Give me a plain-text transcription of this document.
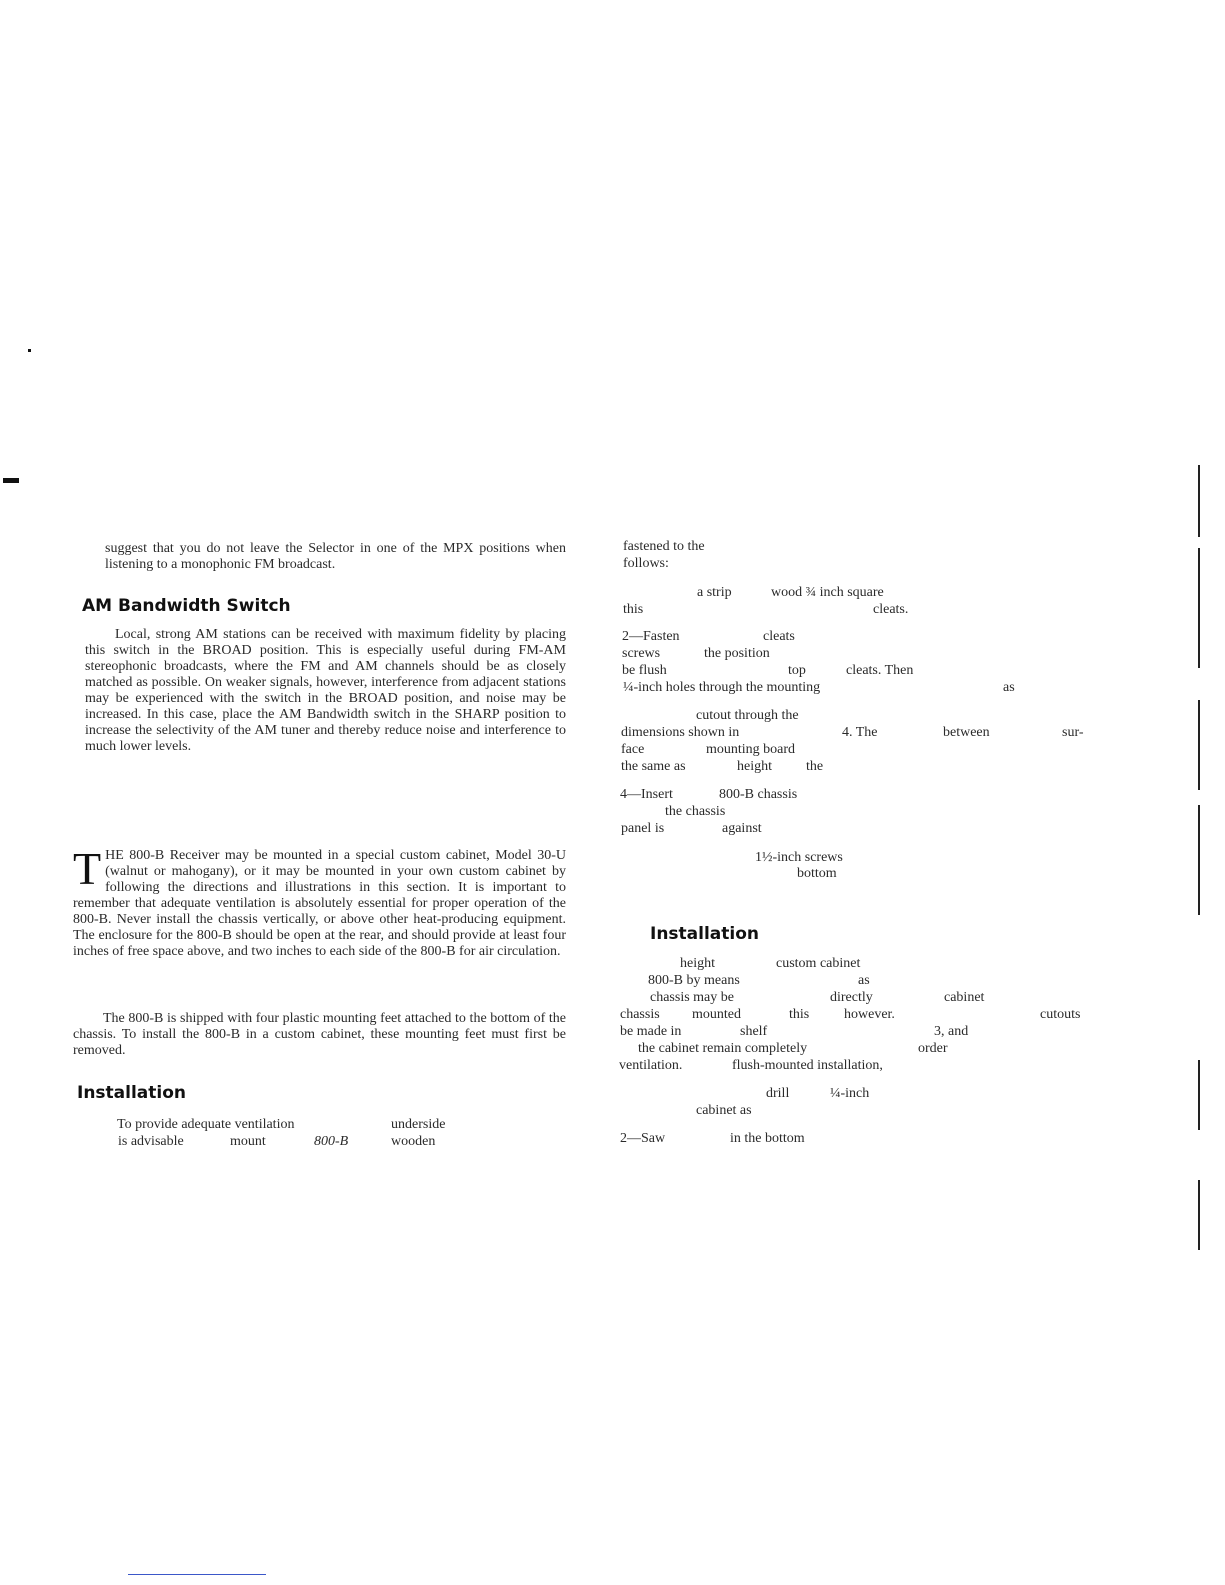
suggest that you do not leave the Selector in one of the MPX positions when listening to a monophonic FM broadcast.

AM Bandwidth Switch

Local, strong AM stations can be received with maximum fidelity by placing this switch in the BROAD position. This is especially useful during FM-AM stereophonic broadcasts, where the FM and AM channels should be as closely matched as possible. On weaker signals, however, interference from adjacent stations may be experienced with the switch in the BROAD position, and noise may be increased. In this case, place the AM Bandwidth switch in the SHARP position to increase the selectivity of the AM tuner and thereby reduce noise and interference to much lower levels.

T HE 800-B Receiver may be mounted in a special custom cabinet, Model 30-U (walnut or mahogany), or it may be mounted in your own custom cabinet by following the directions and illustrations in this section. It is important to remember that adequate ventilation is absolutely essential for proper operation of the 800-B. Never install the chassis vertically, or above other heat-producing equipment. The enclosure for the 800-B should be open at the rear, and should provide at least four inches of free space above, and two inches to each side of the 800-B for air circulation.

The 800-B is shipped with four plastic mounting feet attached to the bottom of the chassis. To install the 800-B in a custom cabinet, these mounting feet must first be removed.

Installation
To provide adequate ventilation	underside
is advisable	mount	800-B	wooden
fastened to the
follows:
a strip	wood ¾ inch square
this	cleats.
2—Fasten	cleats
screws	the position
be flush	top	cleats. Then
¼-inch holes through the mounting	as
cutout through the
dimensions shown in	4. The	between	sur-
face	mounting board
the same as	height the
4—Insert	800-B chassis
the chassis
panel is	against
1½-inch screws
bottom
Installation
height	custom cabinet
800-B by means	as
chassis may be	directly	cabinet
chassis mounted	this however.	cutouts
be made in	shelf	3, and
the cabinet remain completely	order
ventilation.	flush-mounted installation,
drill	¼-inch
cabinet as
2—Saw	in the bottom
